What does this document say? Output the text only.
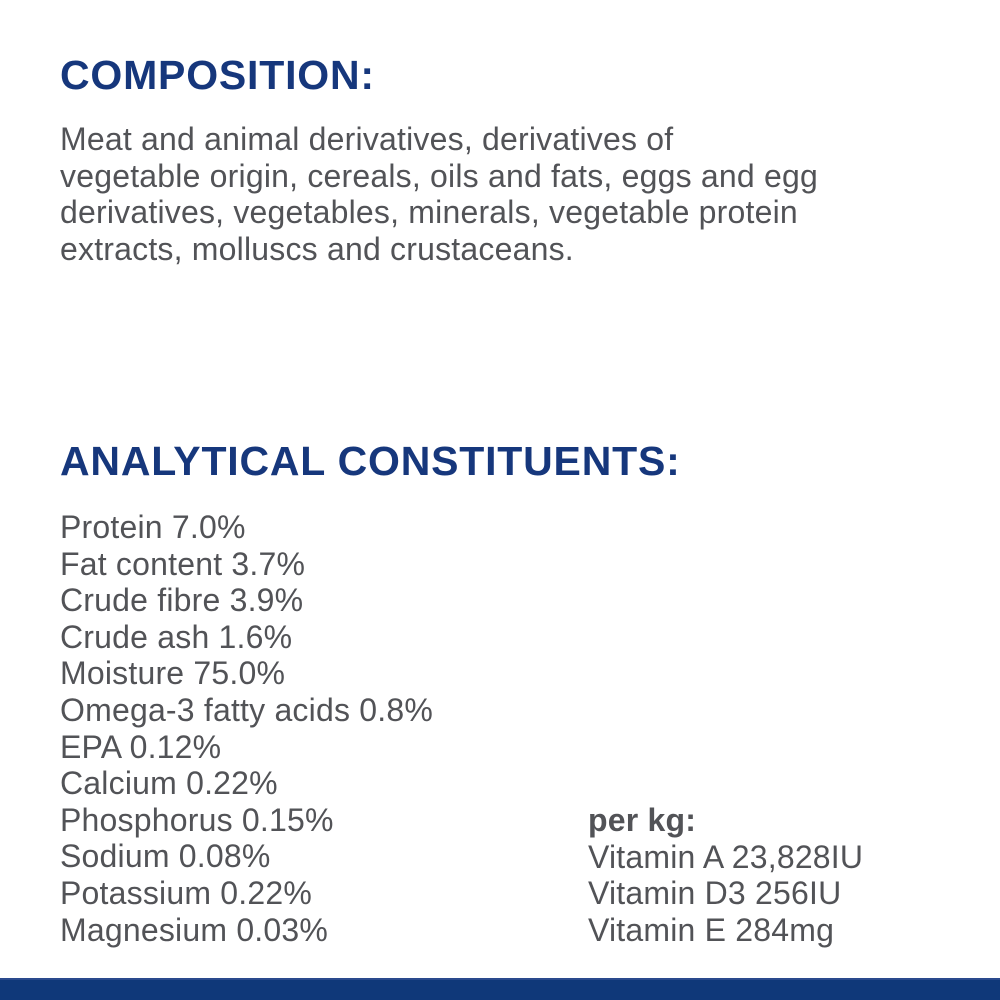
COMPOSITION:
Meat and animal derivatives, derivatives of
vegetable origin, cereals, oils and fats, eggs and egg
derivatives, vegetables, minerals, vegetable protein
extracts, molluscs and crustaceans.
ANALYTICAL CONSTITUENTS:
Protein 7.0%
Fat content 3.7%
Crude fibre 3.9%
Crude ash 1.6%
Moisture 75.0%
Omega-3 fatty acids 0.8%
EPA 0.12%
Calcium 0.22%
Phosphorus 0.15%
Sodium 0.08%
Potassium 0.22%
Magnesium 0.03%
per kg:
Vitamin A 23,828IU
Vitamin D3 256IU
Vitamin E 284mg
